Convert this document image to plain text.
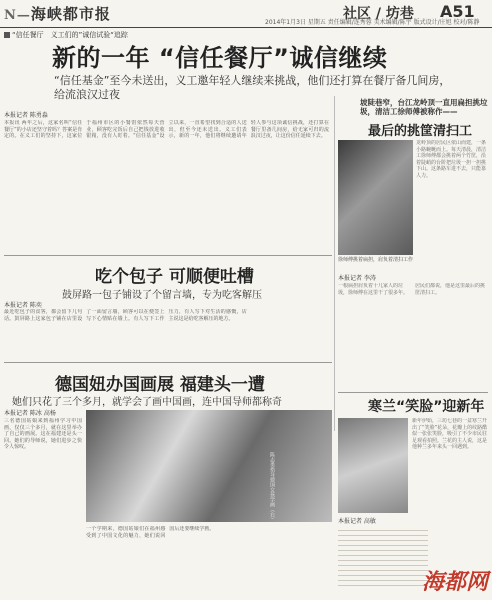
N—海峡都市报	2014年1月3日 星期五 责任编辑/连秀蓉 美术编辑/陈宇 版式设计/庄旭 校对/陈静
社区 / 坊巷 A51
“信任餐厅　义工们的”诚信试验“追踪
新的一年 “信任餐厅”诚信继续
“信任基金”至今未送出，义工邀年轻人继续来挑战，他们还打算在餐厅备几间房，给流浪汉过夜
本报记者 陈勇淼
本报讯 两年之后，这家名叫“信任餐厅”的小店还坚守着吗？答案是肯定的。在义工们的坚持下，这家位于福州市区的小餐馆依然每天营业，顾客吃完饭后自己把钱放进收银箱，没有人盯着。“信任基金”设立以来，一直希望找到合适的人送出，但至今还未送出。义工们表示，新的一年，他们将继续邀请年轻人参与这项诚信挑战，还打算在餐厅里备几间房，给无家可归的流浪汉过夜，让这份信任延续下去。
坡陡巷窄，台江龙岭顶一直用扁担挑垃圾，清洁工徐师傅被称作——
最后的挑筐清扫工
龙岭顶的居民区依山而建，一条小路蜿蜒而上。每天清晨，清洁工徐师傅都会挑着两个竹筐，沿着陡峭的台阶把垃圾一担一担挑下山。这条路车进不去，只能靠人力。
徐师傅挑着扁担，肩负着清扫工作
本报记者 李涛
一根扁担肩负着十几家人的垃圾，徐师傅在这里干了很多年。居民们都说，他是这里最后的挑筐清扫工。
吃个包子 可顺便吐槽
鼓屏路一包子铺设了个留言墙，专为吃客解压
本报记者 陈奕
最近吃包子的食客，都会留下几句话。鼓屏路上这家包子铺在店里设了一面留言墙，顾客可以在便签上写下心情贴在墙上。有人写下工作压力，有人写下对生活的感慨，店主说这是给吃客解压的地方。
德国妞办国画展 福建头一遭
她们只花了三个多月，就学会了画中国画，连中国导师都称奇
本报记者 陈冰 高杨
三名德国姑娘来到福州学习中国画，仅仅三个多月，就在这里举办了自己的画展。这在福建还是头一回。她们的导师说，她们进步之快令人惊叹。
陈志勇指导德国女孩学画（右）
一个学期来，德国姑娘们在福州感受到了中国文化的魅力，她们说回国后还要继续学画。
寒兰“笑脸”迎新年
新年伊始，三坊七巷的一盆寒兰开出了“笑脸”花朵，花瓣上的纹路酷似一张张笑脸，吸引了不少市民驻足观看拍照。兰花的主人说，这是他种兰多年来头一回遇到。
本报记者 高敏
海都网
